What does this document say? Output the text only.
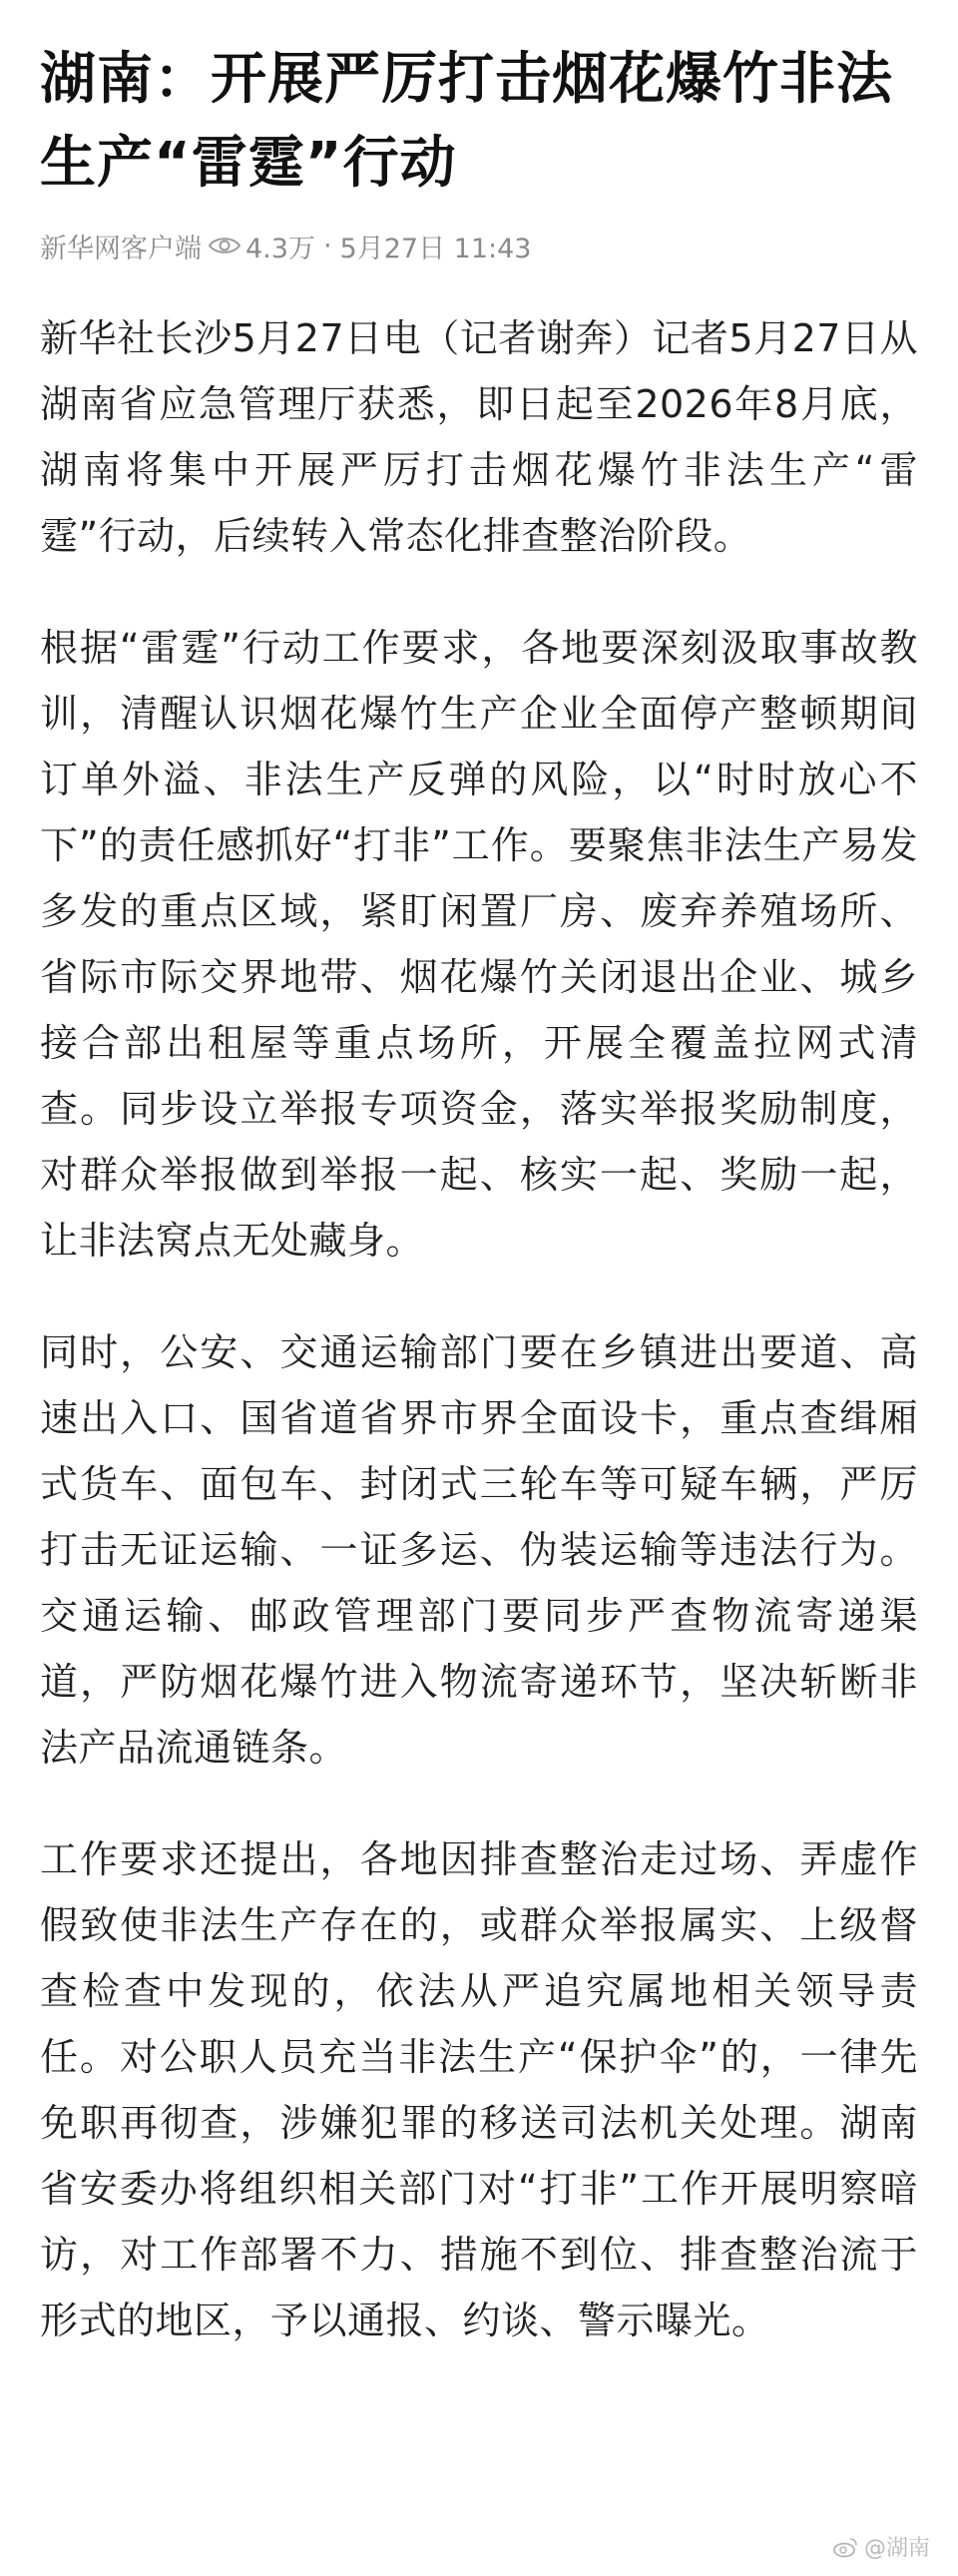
湖南：开展严厉打击烟花爆竹非法生产“雷霆”行动
新华网客户端 4.3万 · 5月27日 11:43

新华社长沙5月27日电（记者谢奔）记者5月27日从湖南省应急管理厅获悉，即日起至2026年8月底，湖南将集中开展严厉打击烟花爆竹非法生产“雷霆”行动，后续转入常态化排查整治阶段。

根据“雷霆”行动工作要求，各地要深刻汲取事故教训，清醒认识烟花爆竹生产企业全面停产整顿期间订单外溢、非法生产反弹的风险，以“时时放心不下”的责任感抓好“打非”工作。要聚焦非法生产易发多发的重点区域，紧盯闲置厂房、废弃养殖场所、省际市际交界地带、烟花爆竹关闭退出企业、城乡接合部出租屋等重点场所，开展全覆盖拉网式清查。同步设立举报专项资金，落实举报奖励制度，对群众举报做到举报一起、核实一起、奖励一起，让非法窝点无处藏身。

同时，公安、交通运输部门要在乡镇进出要道、高速出入口、国省道省界市界全面设卡，重点查缉厢式货车、面包车、封闭式三轮车等可疑车辆，严厉打击无证运输、一证多运、伪装运输等违法行为。交通运输、邮政管理部门要同步严查物流寄递渠道，严防烟花爆竹进入物流寄递环节，坚决斩断非法产品流通链条。

工作要求还提出，各地因排查整治走过场、弄虚作假致使非法生产存在的，或群众举报属实、上级督查检查中发现的，依法从严追究属地相关领导责任。对公职人员充当非法生产“保护伞”的，一律先免职再彻查，涉嫌犯罪的移送司法机关处理。湖南省安委办将组织相关部门对“打非”工作开展明察暗访，对工作部署不力、措施不到位、排查整治流于形式的地区，予以通报、约谈、警示曝光。

@湖南
